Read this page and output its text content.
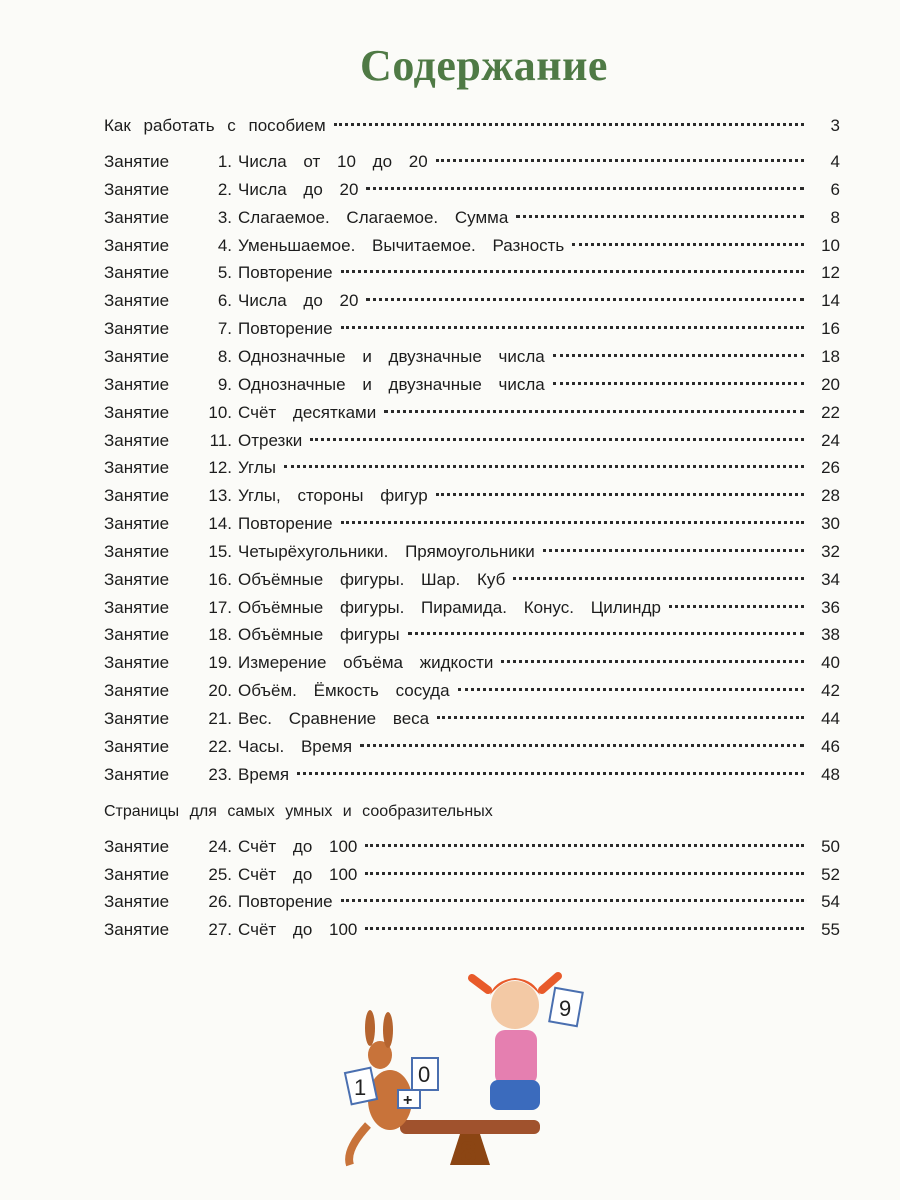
Содержание
Как работать с пособием	3
Занятие	1. Числа от 10 до 20	4
Занятие	2. Числа до 20	6
Занятие	3. Слагаемое. Слагаемое. Сумма	8
Занятие	4. Уменьшаемое. Вычитаемое. Разность	10
Занятие	5. Повторение	12
Занятие	6. Числа до 20	14
Занятие	7. Повторение	16
Занятие	8. Однозначные и двузначные числа	18
Занятие	9. Однозначные и двузначные числа	20
Занятие	10. Счёт десятками	22
Занятие	11. Отрезки	24
Занятие	12. Углы	26
Занятие	13. Углы, стороны фигур	28
Занятие	14. Повторение	30
Занятие	15. Четырёхугольники. Прямоугольники	32
Занятие	16. Объёмные фигуры. Шар. Куб	34
Занятие	17. Объёмные фигуры. Пирамида. Конус. Цилиндр	36
Занятие	18. Объёмные фигуры	38
Занятие	19. Измерение объёма жидкости	40
Занятие	20. Объём. Ёмкость сосуда	42
Занятие	21. Вес. Сравнение веса	44
Занятие	22. Часы. Время	46
Занятие	23. Время	48
Занятие	24. Счёт до 100	50
Занятие	25. Счёт до 100	52
Занятие	26. Повторение	54
Занятие	27. Счёт до 100	55
Страницы для самых умных и сообразительных
8
1
0
+
9
